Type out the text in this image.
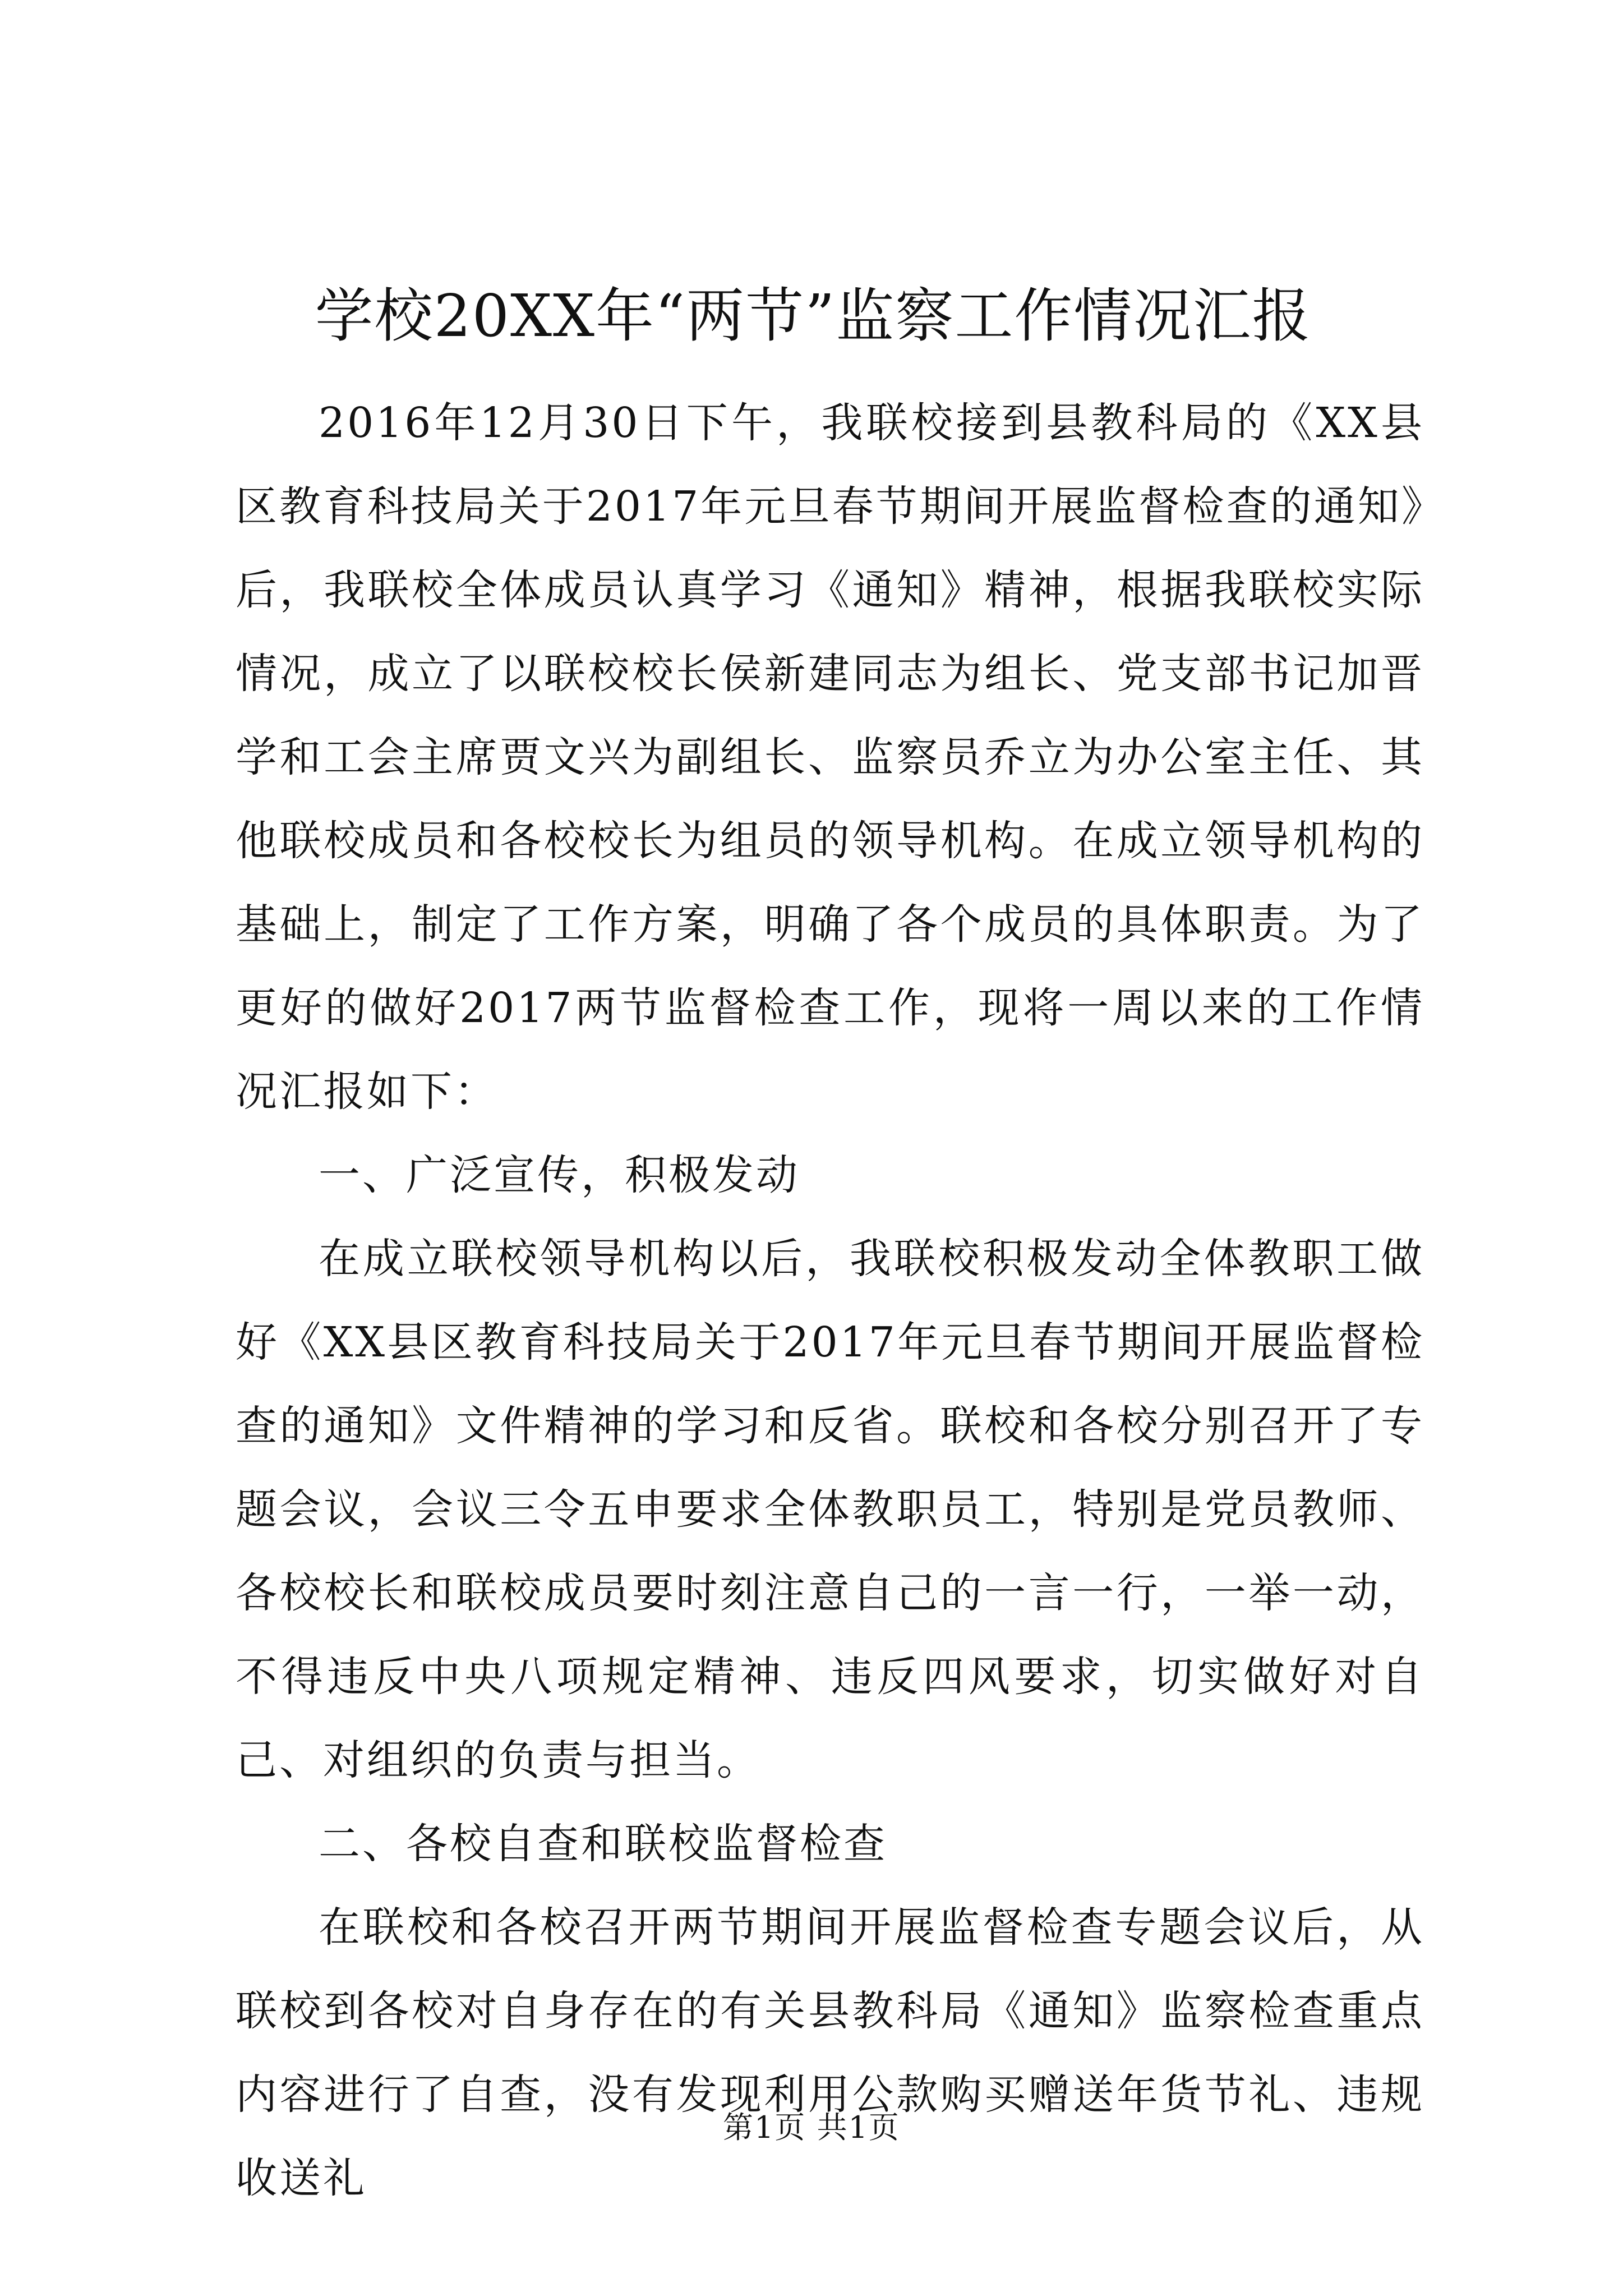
学校20XX年“两节”监察工作情况汇报

2016年12月30日下午，我联校接到县教科局的《XX县区教育科技局关于2017年元旦春节期间开展监督检查的通知》后，我联校全体成员认真学习《通知》精神，根据我联校实际情况，成立了以联校校长侯新建同志为组长、党支部书记加晋学和工会主席贾文兴为副组长、监察员乔立为办公室主任、其他联校成员和各校校长为组员的领导机构。在成立领导机构的基础上，制定了工作方案，明确了各个成员的具体职责。为了更好的做好2017两节监督检查工作，现将一周以来的工作情况汇报如下：

一、广泛宣传，积极发动

在成立联校领导机构以后，我联校积极发动全体教职工做好《XX县区教育科技局关于2017年元旦春节期间开展监督检查的通知》文件精神的学习和反省。联校和各校分别召开了专题会议，会议三令五申要求全体教职员工，特别是党员教师、各校校长和联校成员要时刻注意自己的一言一行，一举一动，不得违反中央八项规定精神、违反四风要求，切实做好对自己、对组织的负责与担当。

二、各校自查和联校监督检查

在联校和各校召开两节期间开展监督检查专题会议后，从联校到各校对自身存在的有关县教科局《通知》监察检查重点内容进行了自查，没有发现利用公款购买赠送年货节礼、违规收送礼

第1页 共1页
